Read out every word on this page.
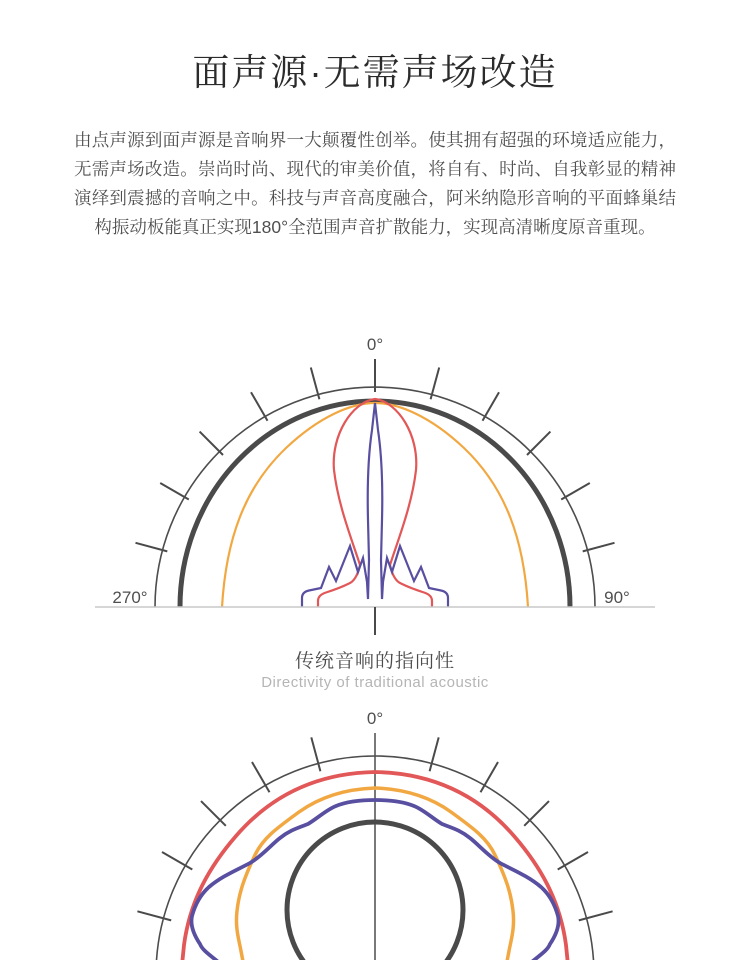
面声源·无需声场改造
由点声源到面声源是音响界一大颠覆性创举。使其拥有超强的环境适应能力，无需声场改造。崇尚时尚、现代的审美价值，将自有、时尚、自我彰显的精神演绎到震撼的音响之中。科技与声音高度融合，阿米纳隐形音响的平面蜂巢结构振动板能真正实现180°全范围声音扩散能力，实现高清晰度原音重现。
0°
270°	90°
传统音响的指向性
Directivity of traditional acoustic
0°
